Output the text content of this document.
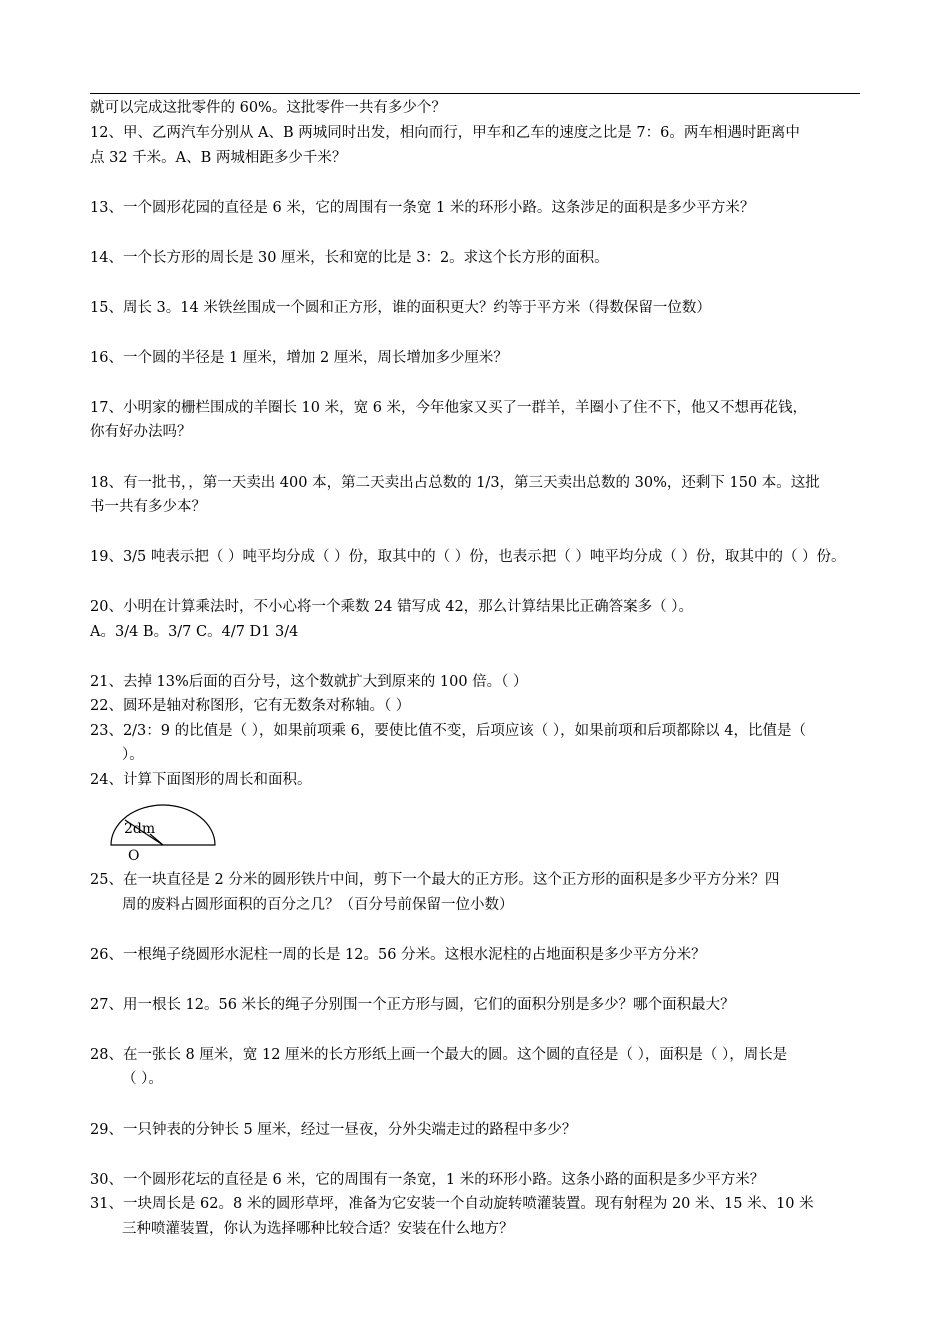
就可以完成这批零件的 60%。这批零件一共有多少个？
12、甲、乙两汽车分别从 A、B 两城同时出发，相向而行，甲车和乙车的速度之比是 7：6。两车相遇时距离中
点 32 千米。A、B 两城相距多少千米？
13、一个圆形花园的直径是 6 米，它的周围有一条宽 1 米的环形小路。这条涉足的面积是多少平方米？
14、一个长方形的周长是 30 厘米，长和宽的比是 3：2。求这个长方形的面积。
15、周长 3。14 米铁丝围成一个圆和正方形，谁的面积更大？约等于平方米（得数保留一位数）
16、一个圆的半径是 1 厘米，增加 2 厘米，周长增加多少厘米？
17、小明家的栅栏围成的羊圈长 10 米，宽 6 米，今年他家又买了一群羊，羊圈小了住不下，他又不想再花钱，
你有好办法吗？
18、有一批书，，第一天卖出 400 本，第二天卖出占总数的 1/3，第三天卖出总数的 30%，还剩下 150 本。这批
书一共有多少本？
19、3/5 吨表示把（ ）吨平均分成（ ）份，取其中的（ ）份，也表示把（ ）吨平均分成（ ）份，取其中的（ ）份。
20、小明在计算乘法时，不小心将一个乘数 24 错写成 42，那么计算结果比正确答案多（ ）。
A。3/4 B。3/7 C。4/7 D1 3/4
21、去掉 13%后面的百分号，这个数就扩大到原来的 100 倍。（ ）
22、圆环是轴对称图形，它有无数条对称轴。（ ）
23、2/3：9 的比值是（ ），如果前项乘 6，要使比值不变，后项应该（ ），如果前项和后项都除以 4，比值是（
）。
24、计算下面图形的周长和面积。
2dm
O
25、在一块直径是 2 分米的圆形铁片中间，剪下一个最大的正方形。这个正方形的面积是多少平方分米？四
周的废料占圆形面积的百分之几？（百分号前保留一位小数）
26、一根绳子绕圆形水泥柱一周的长是 12。56 分米。这根水泥柱的占地面积是多少平方分米？
27、用一根长 12。56 米长的绳子分别围一个正方形与圆，它们的面积分别是多少？哪个面积最大？
28、在一张长 8 厘米，宽 12 厘米的长方形纸上画一个最大的圆。这个圆的直径是（ ），面积是（ ），周长是
（ ）。
29、一只钟表的分钟长 5 厘米，经过一昼夜，分外尖端走过的路程中多少？
30、一个圆形花坛的直径是 6 米，它的周围有一条宽，1 米的环形小路。这条小路的面积是多少平方米？
31、一块周长是 62。8 米的圆形草坪，准备为它安装一个自动旋转喷灌装置。现有射程为 20 米、15 米、10 米
三种喷灌装置，你认为选择哪种比较合适？安装在什么地方？
